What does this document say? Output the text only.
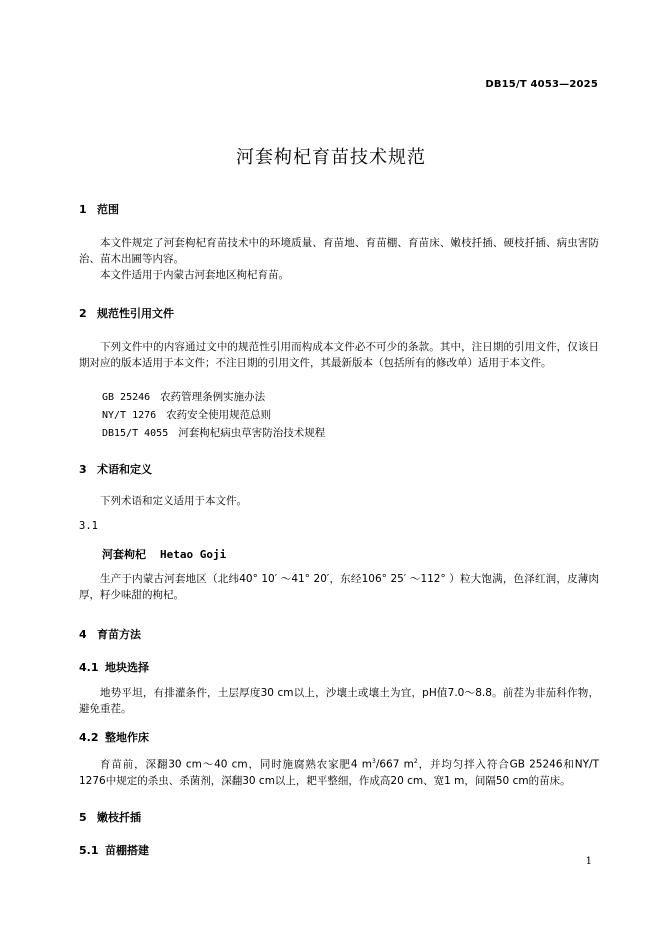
DB15/T 4053—2025
河套枸杞育苗技术规范
1 范围
本文件规定了河套枸杞育苗技术中的环境质量、育苗地、育苗棚、育苗床、嫩枝扦插、硬枝扦插、病虫害防治、苗木出圃等内容。
本文件适用于内蒙古河套地区枸杞育苗。
2 规范性引用文件
下列文件中的内容通过文中的规范性引用而构成本文件必不可少的条款。其中，注日期的引用文件，仅该日期对应的版本适用于本文件；不注日期的引用文件，其最新版本（包括所有的修改单）适用于本文件。
GB 25246 农药管理条例实施办法
NY/T 1276 农药安全使用规范总则
DB15/T 4055 河套枸杞病虫草害防治技术规程
3 术语和定义
下列术语和定义适用于本文件。
3.1
河套枸杞 Hetao Goji
生产于内蒙古河套地区（北纬40° 10′ ～41° 20′，东经106° 25′ ～112° ）粒大饱满，色泽红润，皮薄肉厚，籽少味甜的枸杞。
4 育苗方法
4.1 地块选择
地势平坦，有排灌条件，土层厚度30 cm以上，沙壤土或壤土为宜，pH值7.0～8.8。前茬为非茄科作物，避免重茬。
4.2 整地作床
育苗前，深翻30 cm～40 cm，同时施腐熟农家肥4 $m^3/667$ $m^2$，并均匀拌入符合GB 25246和NY/T 1276中规定的杀虫、杀菌剂，深翻30 cm以上，耙平整细，作成高20 cm、宽1 m，间隔50 cm的苗床。
5 嫩枝扦插
5.1 苗棚搭建
1
